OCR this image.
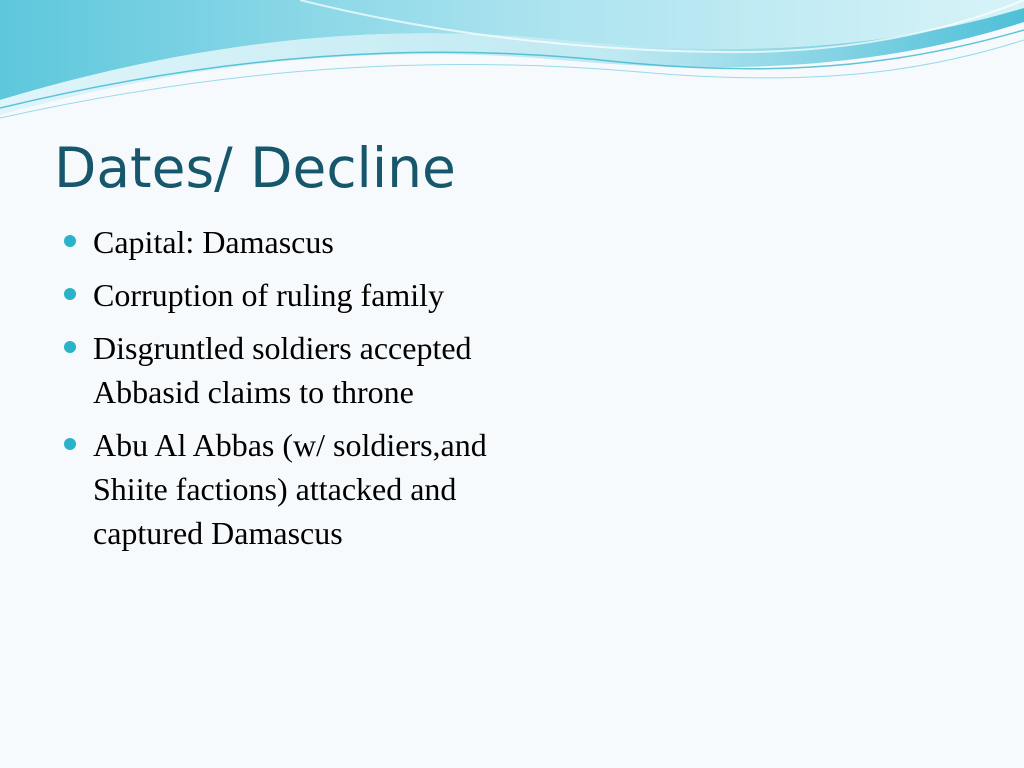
Dates/ Decline
Capital: Damascus
Corruption of ruling family
Disgruntled soldiers accepted Abbasid claims to throne
Abu Al Abbas (w/ soldiers,and Shiite factions) attacked and captured Damascus
